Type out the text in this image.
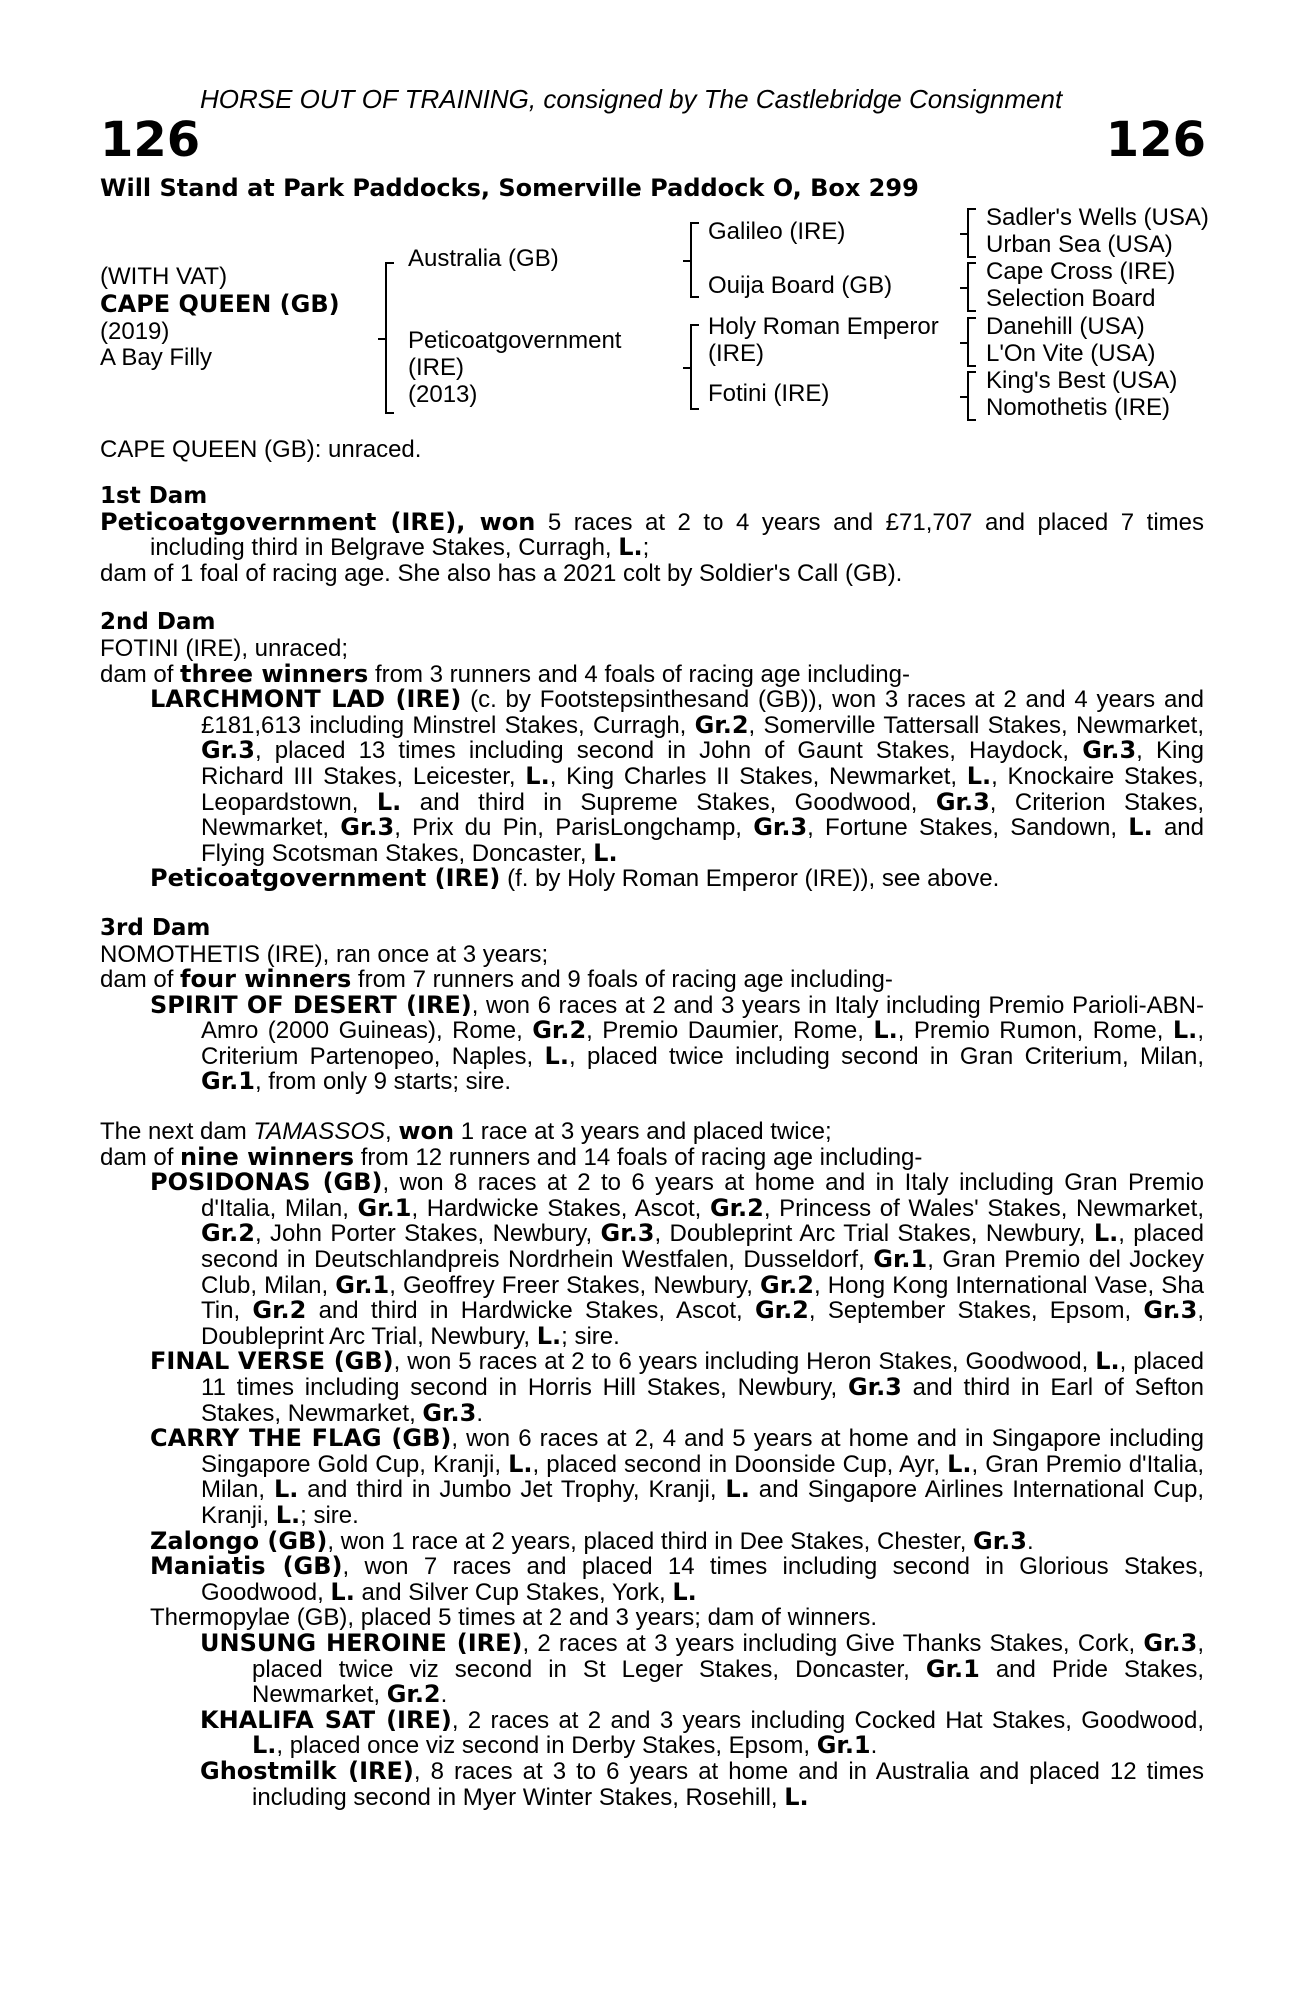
HORSE OUT OF TRAINING, consigned by The Castlebridge Consignment
126	126
Will Stand at Park Paddocks, Somerville Paddock O, Box 299
(WITH VAT)
CAPE QUEEN (GB)
(2019)
A Bay Filly
Australia (GB)
Peticoatgovernment
(IRE)
(2013)
Galileo (IRE)
Ouija Board (GB)
Holy Roman Emperor
(IRE)
Fotini (IRE)
Sadler's Wells (USA)
Urban Sea (USA)
Cape Cross (IRE)
Selection Board
Danehill (USA)
L'On Vite (USA)
King's Best (USA)
Nomothetis (IRE)
CAPE QUEEN (GB): unraced.
1st Dam

Peticoatgovernment (IRE), won 5 races at 2 to 4 years and £71,707 and placed 7 times including third in Belgrave Stakes, Curragh, L.;

dam of 1 foal of racing age. She also has a 2021 colt by Soldier's Call (GB).

2nd Dam

FOTINI (IRE), unraced;

dam of three winners from 3 runners and 4 foals of racing age including-

LARCHMONT LAD (IRE) (c. by Footstepsinthesand (GB)), won 3 races at 2 and 4 years and £181,613 including Minstrel Stakes, Curragh, Gr.2, Somerville Tattersall Stakes, Newmarket, Gr.3, placed 13 times including second in John of Gaunt Stakes, Haydock, Gr.3, King Richard III Stakes, Leicester, L., King Charles II Stakes, Newmarket, L., Knockaire Stakes, Leopardstown, L. and third in Supreme Stakes, Goodwood, Gr.3, Criterion Stakes, Newmarket, Gr.3, Prix du Pin, ParisLongchamp, Gr.3, Fortune Stakes, Sandown, L. and Flying Scotsman Stakes, Doncaster, L.

Peticoatgovernment (IRE) (f. by Holy Roman Emperor (IRE)), see above.

3rd Dam

NOMOTHETIS (IRE), ran once at 3 years;

dam of four winners from 7 runners and 9 foals of racing age including-

SPIRIT OF DESERT (IRE), won 6 races at 2 and 3 years in Italy including Premio Parioli-ABN-Amro (2000 Guineas), Rome, Gr.2, Premio Daumier, Rome, L., Premio Rumon, Rome, L., Criterium Partenopeo, Naples, L., placed twice including second in Gran Criterium, Milan, Gr.1, from only 9 starts; sire.

The next dam TAMASSOS, won 1 race at 3 years and placed twice;

dam of nine winners from 12 runners and 14 foals of racing age including-

POSIDONAS (GB), won 8 races at 2 to 6 years at home and in Italy including Gran Premio d'Italia, Milan, Gr.1, Hardwicke Stakes, Ascot, Gr.2, Princess of Wales' Stakes, Newmarket, Gr.2, John Porter Stakes, Newbury, Gr.3, Doubleprint Arc Trial Stakes, Newbury, L., placed second in Deutschlandpreis Nordrhein Westfalen, Dusseldorf, Gr.1, Gran Premio del Jockey Club, Milan, Gr.1, Geoffrey Freer Stakes, Newbury, Gr.2, Hong Kong International Vase, Sha Tin, Gr.2 and third in Hardwicke Stakes, Ascot, Gr.2, September Stakes, Epsom, Gr.3, Doubleprint Arc Trial, Newbury, L.; sire.

FINAL VERSE (GB), won 5 races at 2 to 6 years including Heron Stakes, Goodwood, L., placed 11 times including second in Horris Hill Stakes, Newbury, Gr.3 and third in Earl of Sefton Stakes, Newmarket, Gr.3.

CARRY THE FLAG (GB), won 6 races at 2, 4 and 5 years at home and in Singapore including Singapore Gold Cup, Kranji, L., placed second in Doonside Cup, Ayr, L., Gran Premio d'Italia, Milan, L. and third in Jumbo Jet Trophy, Kranji, L. and Singapore Airlines International Cup, Kranji, L.; sire.

Zalongo (GB), won 1 race at 2 years, placed third in Dee Stakes, Chester, Gr.3.

Maniatis (GB), won 7 races and placed 14 times including second in Glorious Stakes, Goodwood, L. and Silver Cup Stakes, York, L.

Thermopylae (GB), placed 5 times at 2 and 3 years; dam of winners.

UNSUNG HEROINE (IRE), 2 races at 3 years including Give Thanks Stakes, Cork, Gr.3, placed twice viz second in St Leger Stakes, Doncaster, Gr.1 and Pride Stakes, Newmarket, Gr.2.

KHALIFA SAT (IRE), 2 races at 2 and 3 years including Cocked Hat Stakes, Goodwood, L., placed once viz second in Derby Stakes, Epsom, Gr.1.

Ghostmilk (IRE), 8 races at 3 to 6 years at home and in Australia and placed 12 times including second in Myer Winter Stakes, Rosehill, L.
